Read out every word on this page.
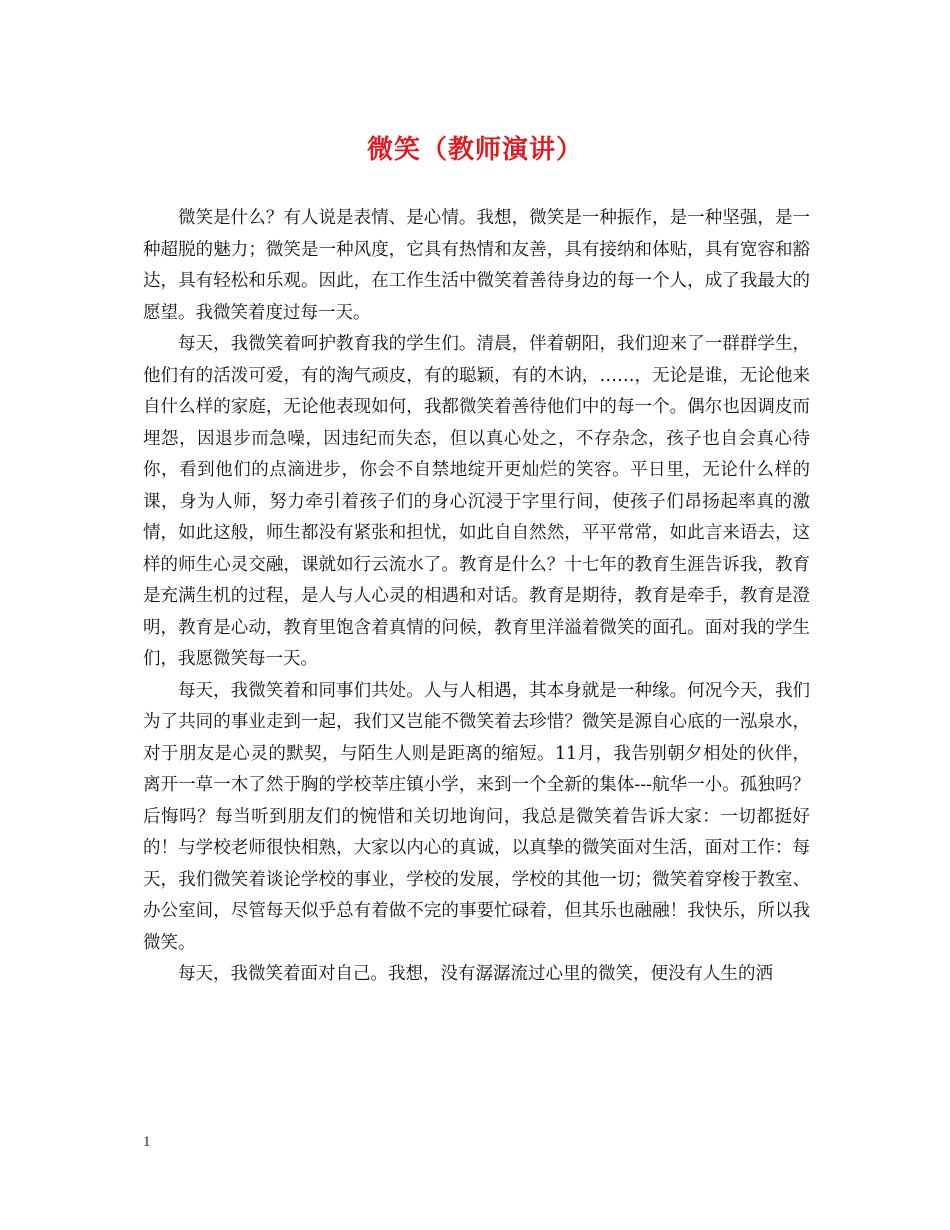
微笑（教师演讲）

微笑是什么？有人说是表情、是心情。我想，微笑是一种振作，是一种坚强，是一种超脱的魅力；微笑是一种风度，它具有热情和友善，具有接纳和体贴，具有宽容和豁达，具有轻松和乐观。因此，在工作生活中微笑着善待身边的每一个人，成了我最大的愿望。我微笑着度过每一天。

每天，我微笑着呵护教育我的学生们。清晨，伴着朝阳，我们迎来了一群群学生，他们有的活泼可爱，有的淘气顽皮，有的聪颖，有的木讷，……，无论是谁，无论他来自什么样的家庭，无论他表现如何，我都微笑着善待他们中的每一个。偶尔也因调皮而埋怨，因退步而急噪，因违纪而失态，但以真心处之，不存杂念，孩子也自会真心待你，看到他们的点滴进步，你会不自禁地绽开更灿烂的笑容。平日里，无论什么样的课，身为人师，努力牵引着孩子们的身心沉浸于字里行间，使孩子们昂扬起率真的激情，如此这般，师生都没有紧张和担忧，如此自自然然，平平常常，如此言来语去，这样的师生心灵交融，课就如行云流水了。教育是什么？十七年的教育生涯告诉我，教育是充满生机的过程，是人与人心灵的相遇和对话。教育是期待，教育是牵手，教育是澄明，教育是心动，教育里饱含着真情的问候，教育里洋溢着微笑的面孔。面对我的学生们，我愿微笑每一天。

每天，我微笑着和同事们共处。人与人相遇，其本身就是一种缘。何况今天，我们为了共同的事业走到一起，我们又岂能不微笑着去珍惜？微笑是源自心底的一泓泉水，对于朋友是心灵的默契，与陌生人则是距离的缩短。11月，我告别朝夕相处的伙伴，离开一草一木了然于胸的学校莘庄镇小学，来到一个全新的集体---航华一小。孤独吗？后悔吗？每当听到朋友们的惋惜和关切地询问，我总是微笑着告诉大家：一切都挺好的！与学校老师很快相熟，大家以内心的真诚，以真挚的微笑面对生活，面对工作：每天，我们微笑着谈论学校的事业，学校的发展，学校的其他一切；微笑着穿梭于教室、办公室间，尽管每天似乎总有着做不完的事要忙碌着，但其乐也融融！我快乐，所以我微笑。

每天，我微笑着面对自己。我想，没有潺潺流过心里的微笑，便没有人生的洒

1
